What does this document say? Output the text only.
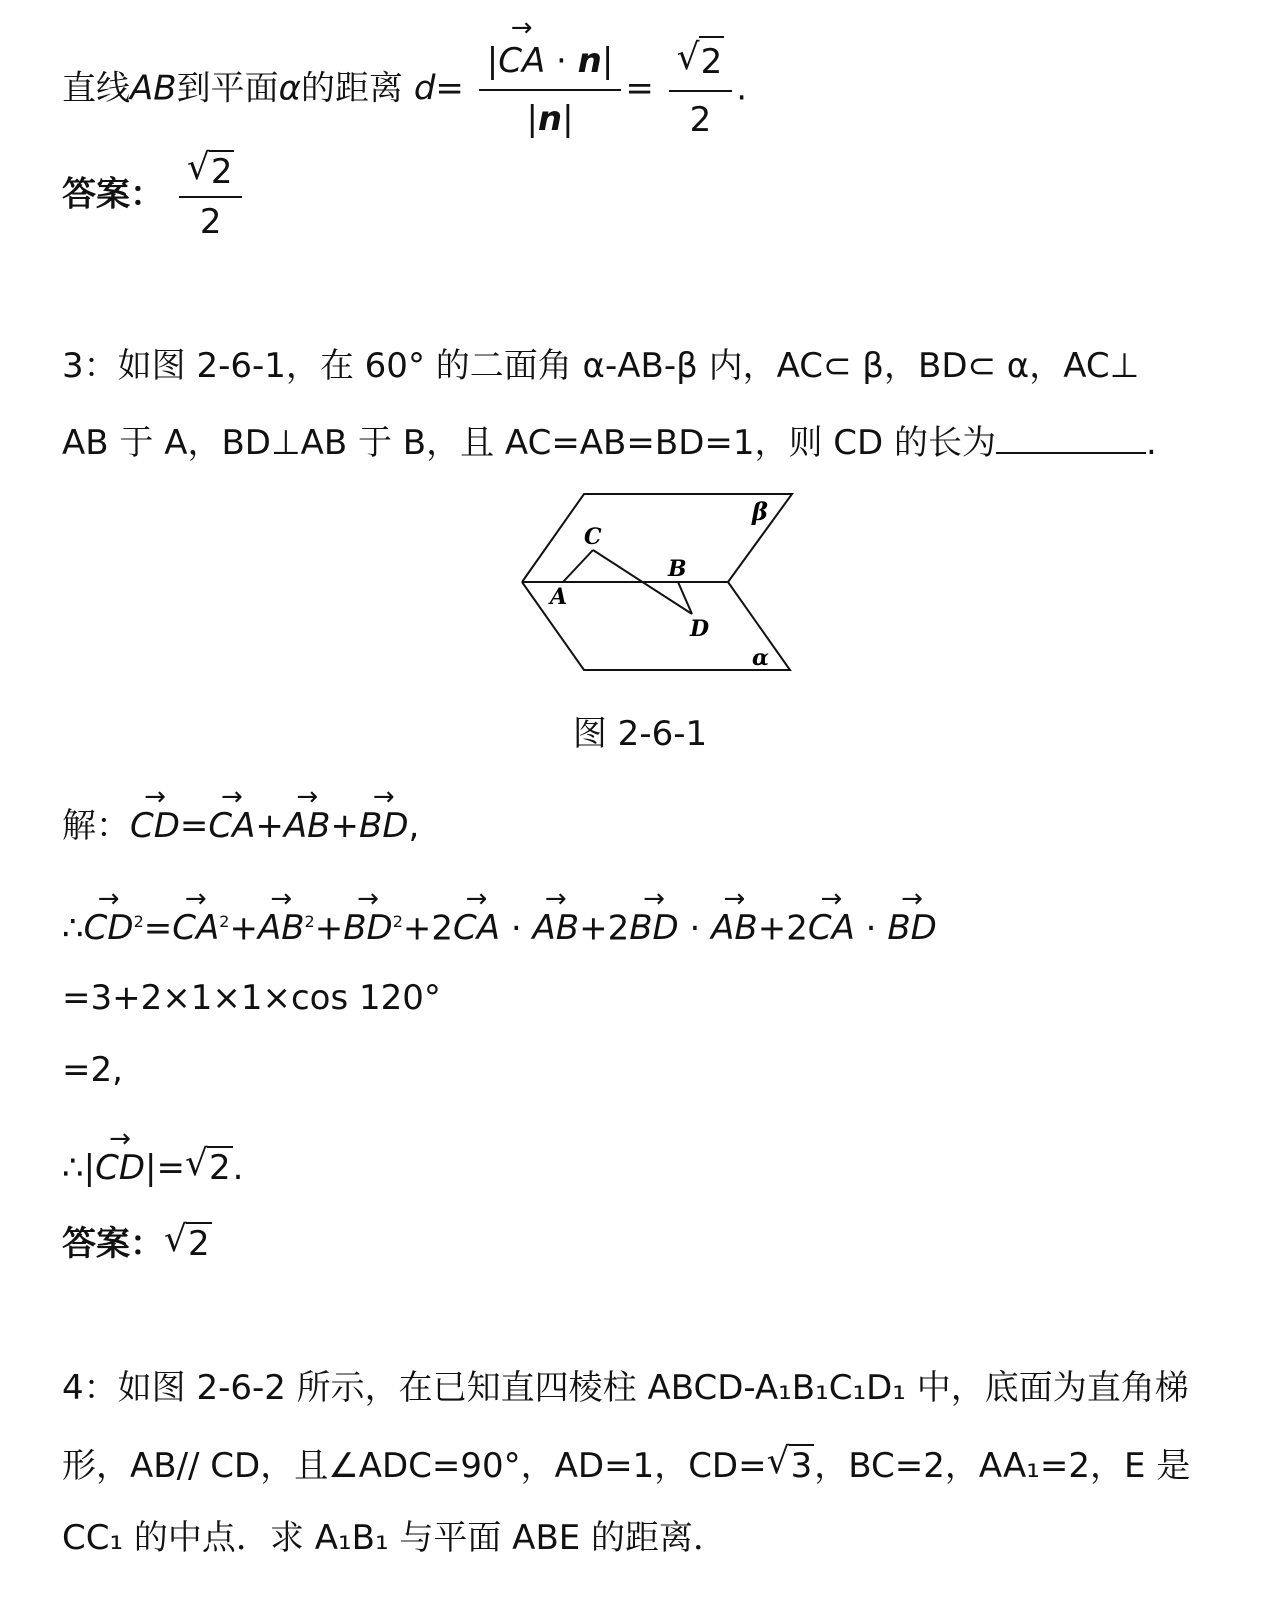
直线AB到平面α的距离 d= |
→
CA · n|
$|n| = \frac{√ 2}{2}$ .
答案： $\frac{√ 2}{2}$
3：如图 2-6-1，在 60° 的二面角 α-AB-β 内，AC⊂ β，BD⊂ α，AC⊥
AB 于 A，BD⊥AB 于 B，且 AC=AB=BD=1，则 CD 的长为	.
β
α
C
B
A
D
图 2-6-1
解：
→
CD=
→
CA+
→
AB+
→
BD,
∴
→
$CD^2=$
→
$CA^2+$
→
$AB^2+$
→
$BD^2+2$
→
CA ·
→
AB+2
→
BD ·
→
AB+2
→
CA ·
→
BD
=3+2×1×1×cos 120°
=2,
∴|
→
CD|= √ 2.
答案： √ 2
4：如图 2-6-2 所示，在已知直四棱柱 ABCD-A₁B₁C₁D₁ 中，底面为直角梯
形，AB// CD，且∠ADC=90°，AD=1，CD= √ 3，BC=2，AA₁=2，E 是
CC₁ 的中点．求 A₁B₁ 与平面 ABE 的距离．
